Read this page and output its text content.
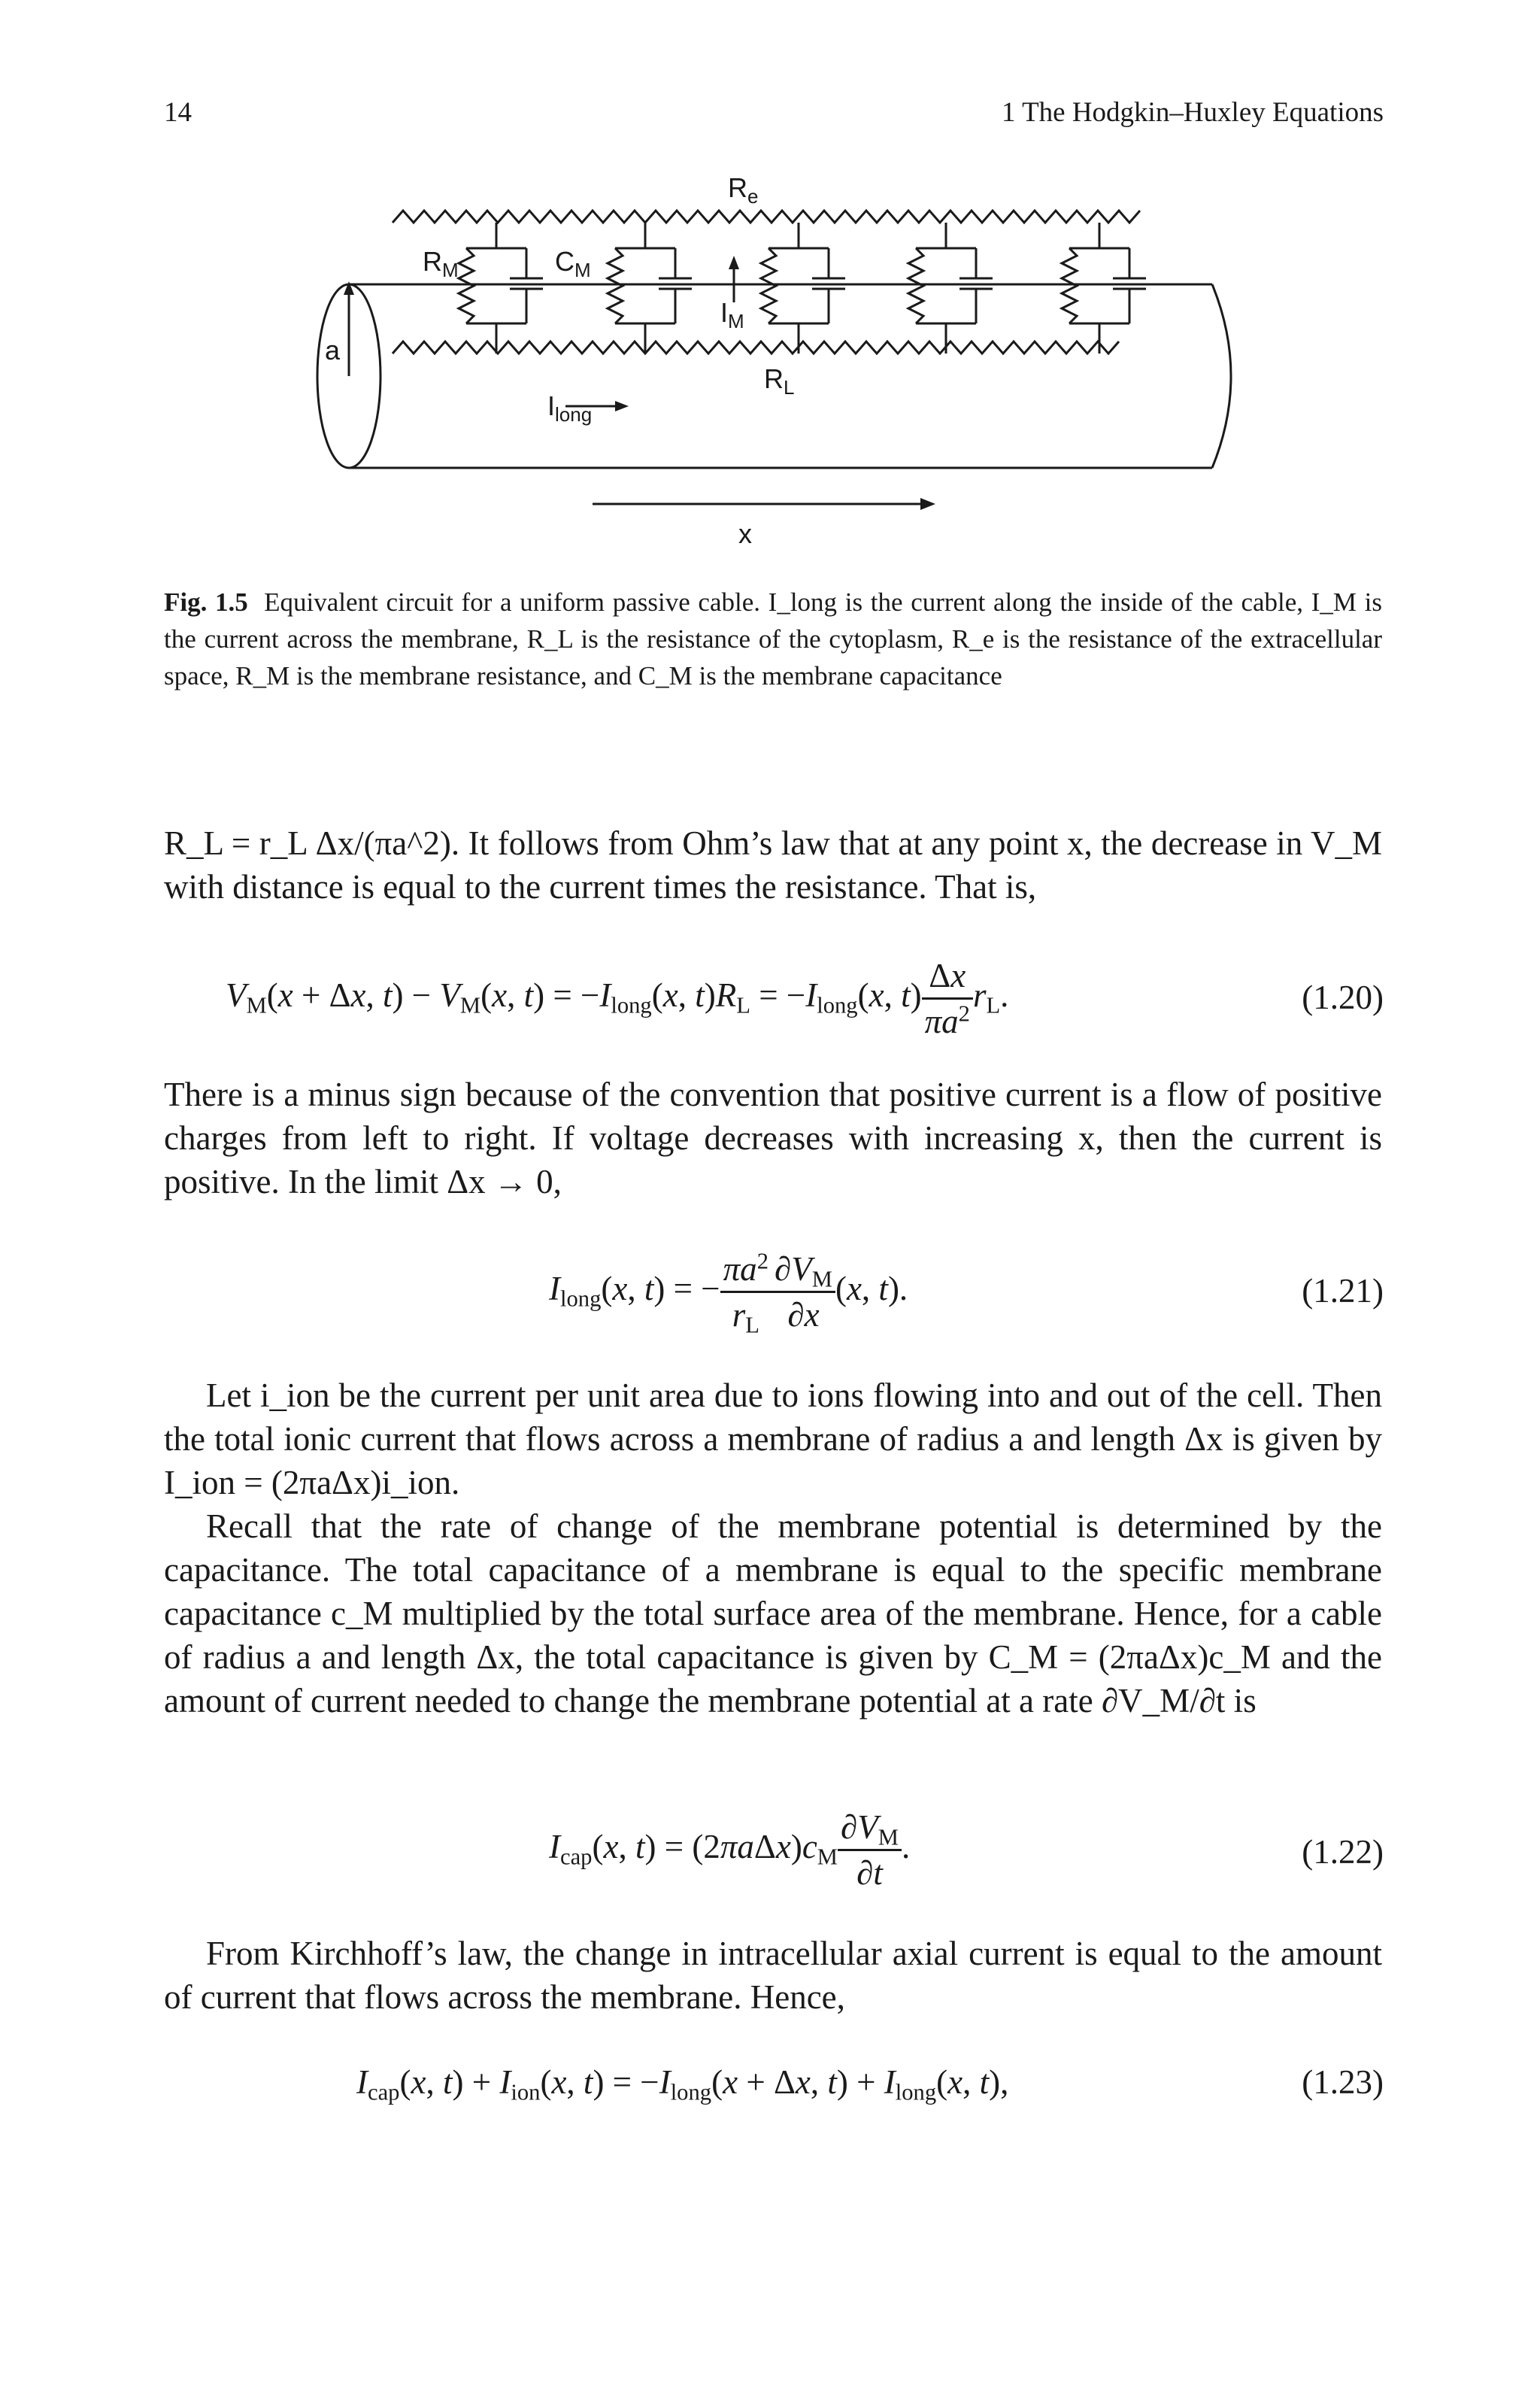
14	1 The Hodgkin–Huxley Equations
$R_e$
$R_M$	$C_M$
$I_M$
$R_L$
a
$I_{long}$
x
Fig. 1.5 Equivalent circuit for a uniform passive cable. I_long is the current along the inside of the cable, I_M is the current across the membrane, R_L is the resistance of the cytoplasm, R_e is the resistance of the extracellular space, R_M is the membrane resistance, and C_M is the membrane capacitance
R_L = r_L Δx/(πa^2). It follows from Ohm’s law that at any point x, the decrease in V_M with distance is equal to the current times the resistance. That is,
$V_M(x + \Delta x$, $t) - V_M(x$, $t) = -I_{long}(x$, $t)R_L = -I_{long}(x$, $t) \frac{\Delta x}{\pi a^2} r_L$.	(1.20)
There is a minus sign because of the convention that positive current is a flow of positive charges from left to right. If voltage decreases with increasing x, then the current is positive. In the limit Δx → 0,
$I_{long}(x$, t) = − $\frac{\pi a^2}{r_L} \frac{\partial V_M}{\partial x} (x$, t).	(1.21)
Let i_ion be the current per unit area due to ions flowing into and out of the cell. Then the total ionic current that flows across a membrane of radius a and length Δx is given by I_ion = (2πaΔx)i_ion.
Recall that the rate of change of the membrane potential is determined by the capacitance. The total capacitance of a membrane is equal to the specific membrane capacitance c_M multiplied by the total surface area of the membrane. Hence, for a cable of radius a and length Δx, the total capacitance is given by C_M = (2πaΔx)c_M and the amount of current needed to change the membrane potential at a rate ∂V_M/∂t is
$I_{cap}(x$, $t) = (2\pi a\Delta x)c_M \frac{\partial V_M}{\partial t}$ .	(1.22)
From Kirchhoff’s law, the change in intracellular axial current is equal to the amount of current that flows across the membrane. Hence,
$I_{cap}(x$, $t) + I_{ion}(x$, $t) = -I_{long}(x + \Delta x$, $t) + I_{long}(x$, t),	(1.23)
